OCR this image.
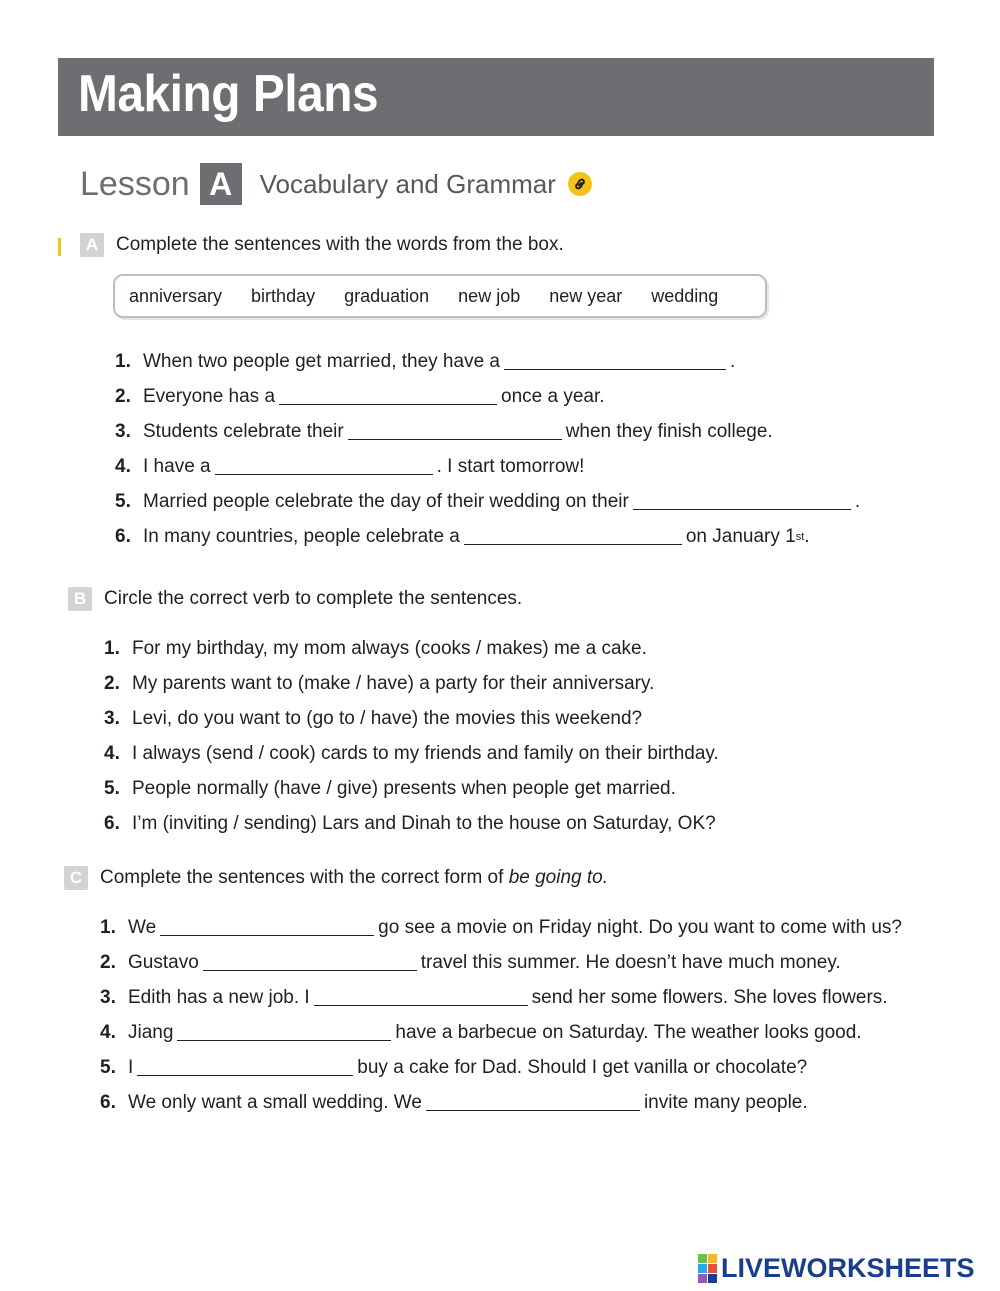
Making Plans
Lesson A	Vocabulary and Grammar
A Complete the sentences with the words from the box.
anniversary birthday graduation new job new year wedding
1. When two people get married, they have a	.
2. Everyone has a	once a year.
3. Students celebrate their	when they finish college.
4. I have a	. I start tomorrow!
5. Married people celebrate the day of their wedding on their	.
6. In many countries, people celebrate a	on January 1 st .
B Circle the correct verb to complete the sentences.
1. For my birthday, my mom always (cooks / makes) me a cake.
2. My parents want to (make / have) a party for their anniversary.
3. Levi, do you want to (go to / have) the movies this weekend?
4. I always (send / cook) cards to my friends and family on their birthday.
5. People normally (have / give) presents when people get married.
6. I’m (inviting / sending) Lars and Dinah to the house on Saturday, OK?
C Complete the sentences with the correct form of
be going to.
1. We	go see a movie on Friday night. Do you want to come with us?
2. Gustavo	travel this summer. He doesn’t have much money.
3. Edith has a new job. I	send her some flowers. She loves flowers.
4. Jiang	have a barbecue on Saturday. The weather looks good.
5. I	buy a cake for Dad. Should I get vanilla or chocolate?
6. We only want a small wedding. We	invite many people.
LIVEWORKSHEETS
